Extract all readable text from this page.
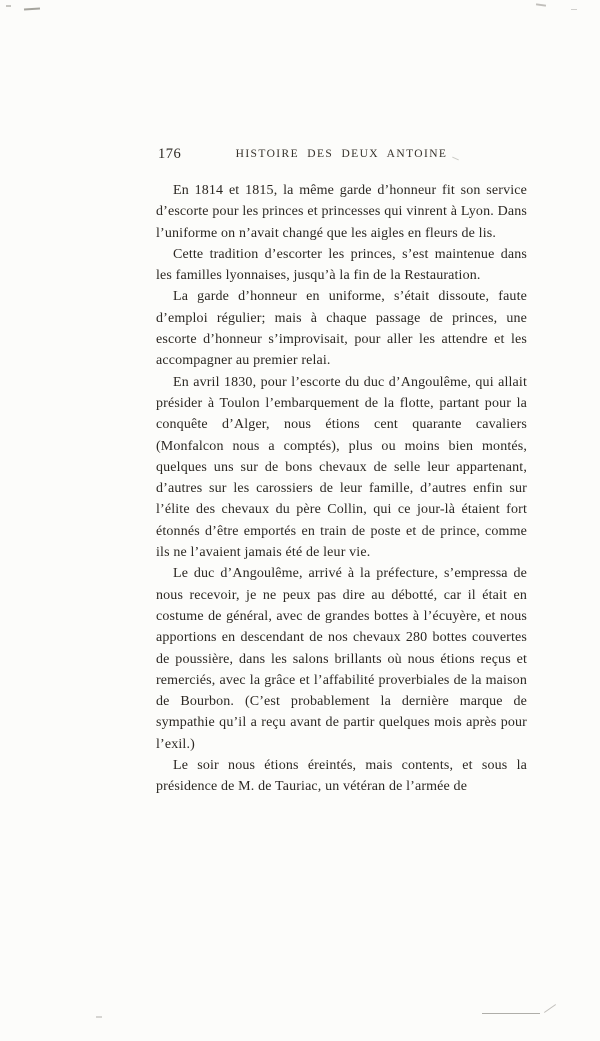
176	HISTOIRE DES DEUX ANTOINE

En 1814 et 1815, la même garde d’honneur fit son service d’escorte pour les princes et princesses qui vinrent à Lyon. Dans l’uniforme on n’avait changé que les aigles en fleurs de lis.

Cette tradition d’escorter les princes, s’est maintenue dans les familles lyonnaises, jusqu’à la fin de la Restauration.

La garde d’honneur en uniforme, s’était dissoute, faute d’emploi régulier; mais à chaque passage de princes, une escorte d’honneur s’improvisait, pour aller les attendre et les accompagner au premier relai.

En avril 1830, pour l’escorte du duc d’Angoulême, qui allait présider à Toulon l’embarquement de la flotte, partant pour la conquête d’Alger, nous étions cent quarante cavaliers (Monfalcon nous a comptés), plus ou moins bien montés, quelques uns sur de bons chevaux de selle leur appartenant, d’autres sur les carossiers de leur famille, d’autres enfin sur l’élite des chevaux du père Collin, qui ce jour-là étaient fort étonnés d’être emportés en train de poste et de prince, comme ils ne l’avaient jamais été de leur vie.

Le duc d’Angoulême, arrivé à la préfecture, s’empressa de nous recevoir, je ne peux pas dire au débotté, car il était en costume de général, avec de grandes bottes à l’écuyère, et nous apportions en descendant de nos chevaux 280 bottes couvertes de poussière, dans les salons brillants où nous étions reçus et remerciés, avec la grâce et l’affabilité proverbiales de la maison de Bourbon. (C’est probablement la dernière marque de sympathie qu’il a reçu avant de partir quelques mois après pour l’exil.)

Le soir nous étions éreintés, mais contents, et sous la présidence de M. de Tauriac, un vétéran de l’armée de
